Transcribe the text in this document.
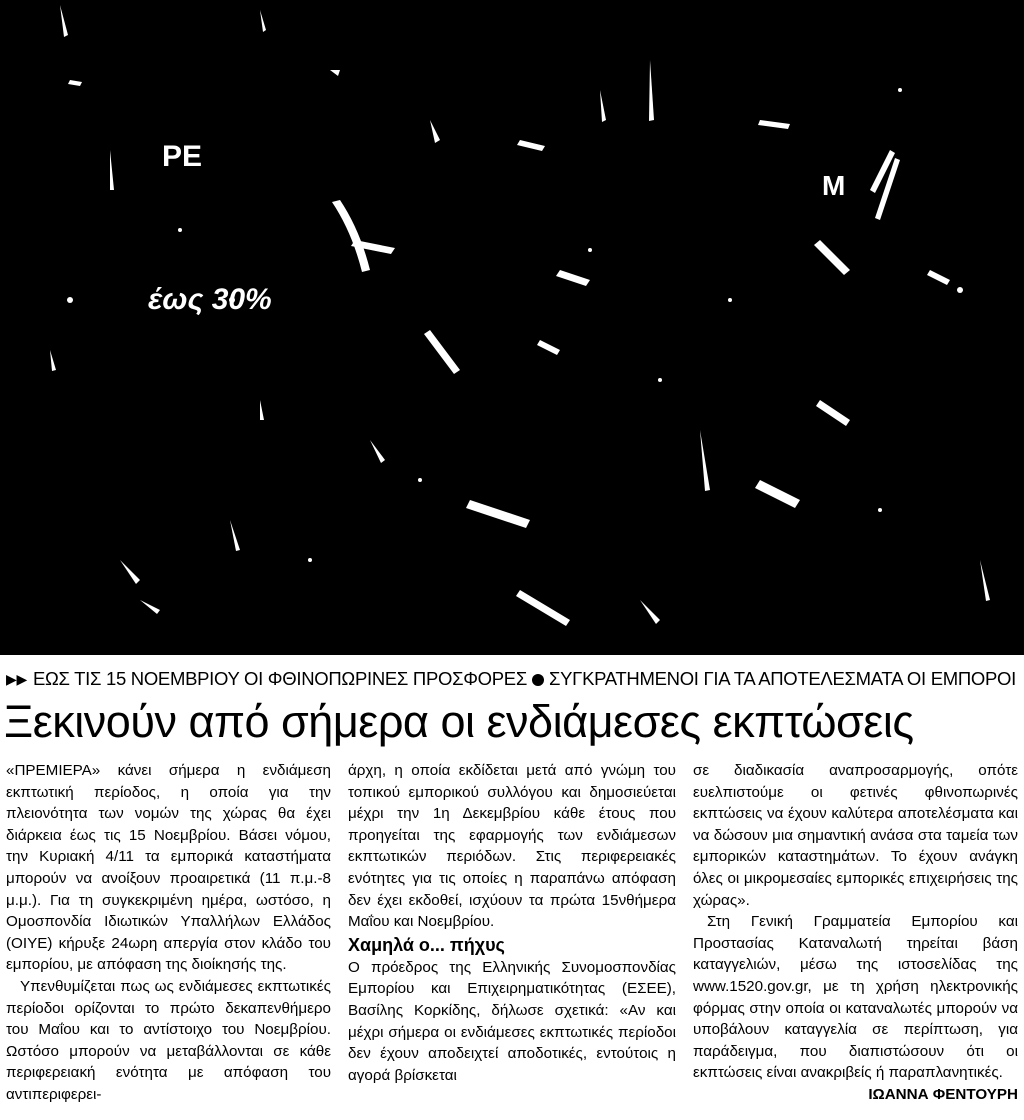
PE
έως 30%
M
▶▶ ΕΩΣ ΤΙΣ 15 ΝΟΕΜΒΡΙΟΥ ΟΙ ΦΘΙΝΟΠΩΡΙΝΕΣ ΠΡΟΣΦΟΡΕΣ ΣΥΓΚΡΑΤΗΜΕΝΟΙ ΓΙΑ ΤΑ ΑΠΟΤΕΛΕΣΜΑΤΑ ΟΙ ΕΜΠΟΡΟΙ
Ξεκινούν από σήμερα οι ενδιάμεσες εκπτώσεις

«ΠΡΕΜΙΕΡΑ» κάνει σήμερα η ενδιάμεση εκπτωτική περίοδος, η οποία για την πλειονότητα των νομών της χώρας θα έχει διάρκεια έως τις 15 Νοεμβρίου. Βάσει νόμου, την Κυριακή 4/11 τα εμπορικά καταστήματα μπορούν να ανοίξουν προαιρετικά (11 π.μ.-8 μ.μ.). Για τη συγκεκριμένη ημέρα, ωστόσο, η Ομοσπονδία Ιδιωτικών Υπαλλήλων Ελλάδος (ΟΙΥΕ) κήρυξε 24ωρη απεργία στον κλάδο του εμπορίου, με απόφαση της διοίκησής της.

Υπενθυμίζεται πως ως ενδιάμεσες εκπτωτικές περίοδοι ορίζονται το πρώτο δεκαπενθήμερο του Μαΐου και το αντίστοιχο του Νοεμβρίου. Ωστόσο μπορούν να μεταβάλλονται σε κάθε περιφερειακή ενότητα με απόφαση του αντιπεριφερει-

άρχη, η οποία εκδίδεται μετά από γνώμη του τοπικού εμπορικού συλλόγου και δημοσιεύεται μέχρι την 1η Δεκεμβρίου κάθε έτους που προηγείται της εφαρμογής των ενδιάμεσων εκπτωτικών περιόδων. Στις περιφερειακές ενότητες για τις οποίες η παραπάνω απόφαση δεν έχει εκδοθεί, ισχύουν τα πρώτα 15νθήμερα Μαΐου και Νοεμβρίου.

Χαμηλά ο... πήχυς

Ο πρόεδρος της Ελληνικής Συνομοσπονδίας Εμπορίου και Επιχειρηματικότητας (ΕΣΕΕ), Βασίλης Κορκίδης, δήλωσε σχετικά: «Αν και μέχρι σήμερα οι ενδιάμεσες εκπτωτικές περίοδοι δεν έχουν αποδειχτεί αποδοτικές, εντούτοις η αγορά βρίσκεται

σε διαδικασία αναπροσαρμογής, οπότε ευελπιστούμε οι φετινές φθινοπωρινές εκπτώσεις να έχουν καλύτερα αποτελέσματα και να δώσουν μια σημαντική ανάσα στα ταμεία των εμπορικών καταστημάτων. Το έχουν ανάγκη όλες οι μικρομεσαίες εμπορικές επιχειρήσεις της χώρας».

Στη Γενική Γραμματεία Εμπορίου και Προστασίας Καταναλωτή τηρείται βάση καταγγελιών, μέσω της ιστοσελίδας της www.1520.gov.gr, με τη χρήση ηλεκτρονικής φόρμας στην οποία οι καταναλωτές μπορούν να υποβάλουν καταγγελία σε περίπτωση, για παράδειγμα, που διαπιστώσουν ότι οι εκπτώσεις είναι ανακριβείς ή παραπλανητικές.

ΙΩΑΝΝΑ ΦΕΝΤΟΥΡΗ
